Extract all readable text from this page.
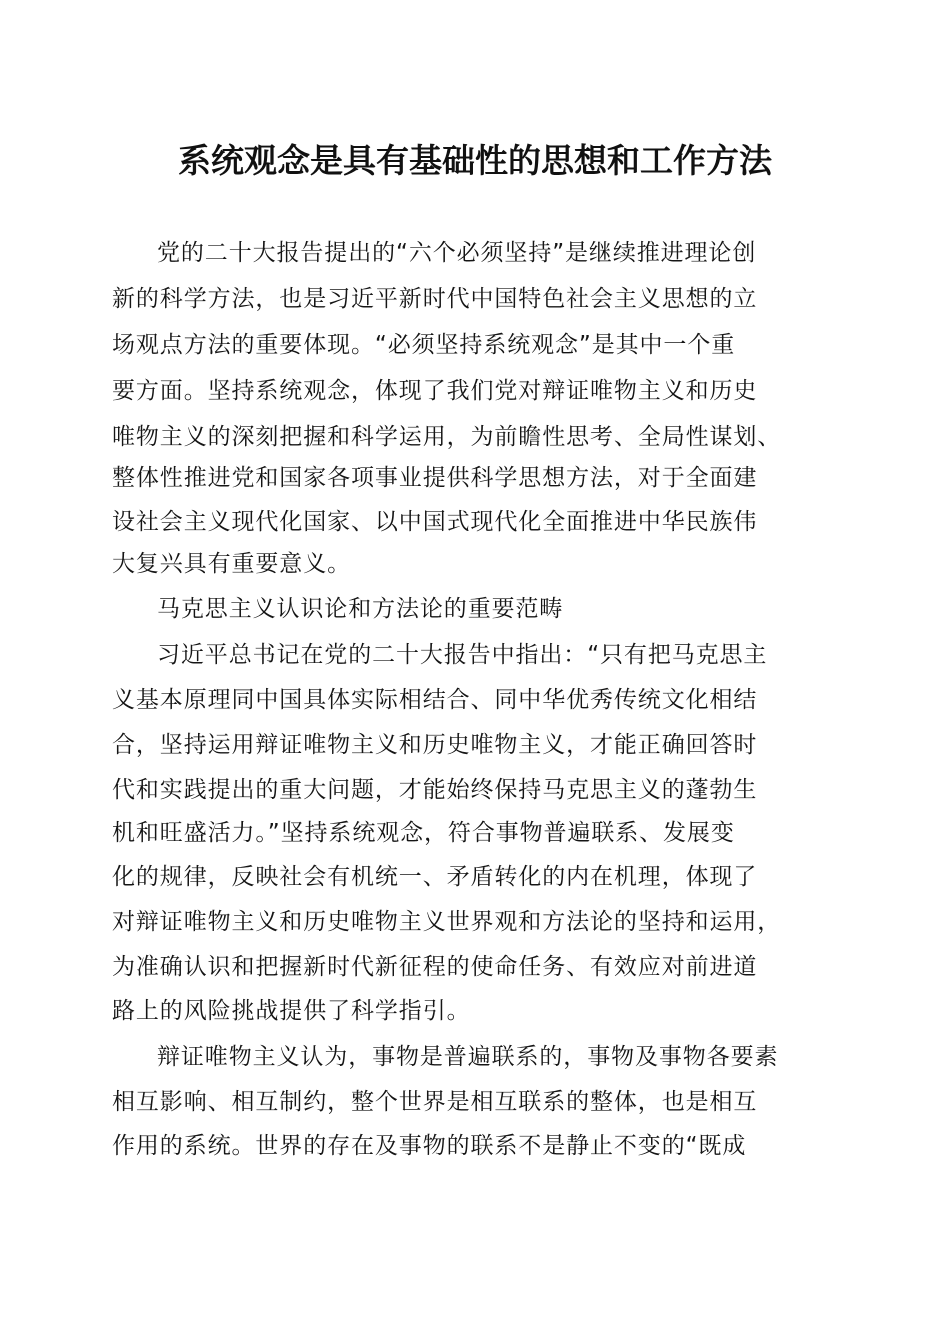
系统观念是具有基础性的思想和工作方法
党的二十大报告提出的“六个必须坚持”是继续推进理论创
新的科学方法，也是习近平新时代中国特色社会主义思想的立
场观点方法的重要体现。“必须坚持系统观念”是其中一个重
要方面。坚持系统观念，体现了我们党对辩证唯物主义和历史
唯物主义的深刻把握和科学运用，为前瞻性思考、全局性谋划、
整体性推进党和国家各项事业提供科学思想方法，对于全面建
设社会主义现代化国家、以中国式现代化全面推进中华民族伟
大复兴具有重要意义。
马克思主义认识论和方法论的重要范畴
习近平总书记在党的二十大报告中指出：“只有把马克思主
义基本原理同中国具体实际相结合、同中华优秀传统文化相结
合，坚持运用辩证唯物主义和历史唯物主义，才能正确回答时
代和实践提出的重大问题，才能始终保持马克思主义的蓬勃生
机和旺盛活力。”坚持系统观念，符合事物普遍联系、发展变
化的规律，反映社会有机统一、矛盾转化的内在机理，体现了
对辩证唯物主义和历史唯物主义世界观和方法论的坚持和运用，
为准确认识和把握新时代新征程的使命任务、有效应对前进道
路上的风险挑战提供了科学指引。
辩证唯物主义认为，事物是普遍联系的，事物及事物各要素
相互影响、相互制约，整个世界是相互联系的整体，也是相互
作用的系统。世界的存在及事物的联系不是静止不变的“既成
